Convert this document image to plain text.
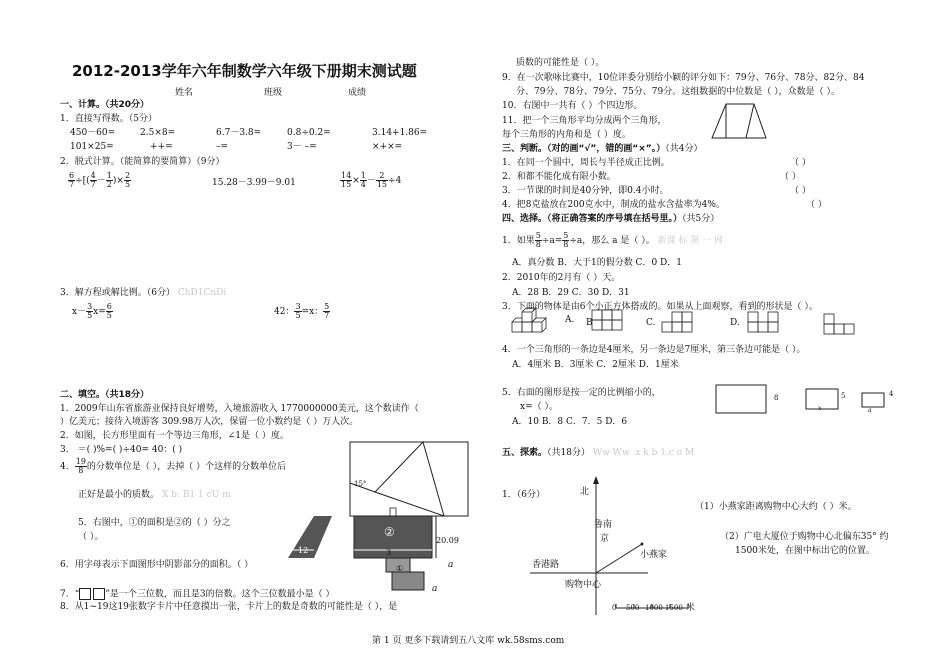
2012-2013学年六年制数学六年级下册期末测试题
姓名	班级	成绩
一、计算。（共20分）
1．直接写得数。（5分）
450－60=	2.5×8=	6.7－3.8=	0.8÷0.2=	3.14+1.86=
101×25=	++=	–=	3－ –=	×+×=
2．脱式计算。（能简算的要简算）（9分）
$\frac{6}{7}$ ÷[( $\frac{4}{7} - \frac{1}{2}$ )× $\frac{2}{5}$	15.28－3.99－9.01	$\frac{14}{15} \times \frac{1}{4} - \frac{2}{15} \div 4$
3．解方程或解比例。（6分） ChD1CnDi
$x- \frac{3}{5} x= \frac{6}{5}$	42： $\frac{3}{5} =x$： $\frac{5}{7}$
二、填空。（共18分）
1．2009年山东省旅游业保持良好增势，入境旅游收入 1770000000美元，这个数读作（
）亿美元；接待入境游客 309.98万人次，保留一位小数约是（ ）万人次。
2．如图，长方形里面有一个等边三角形，∠1是（ ）度。
3． ＝( )%=( )÷40= 40：( )
4． $\frac{19}{8}$ 的分数单位是（ ），去掉（ ）个这样的分数单位后
正好是最小的质数。 X b: B1 1 cU m
5．右图中，①的面积是②的（ ）分之
（ ）。
6．用字母表示下面图形中阴影部分的面积。（ ）
7．“	”是一个三位数，而且是3的倍数。这个三位数最小是（ ）
8．从1~19这19张数字卡片中任意摸出一张，卡片上的数是奇数的可能性是（ ），是
15°
12	3
②
①
20.09
a
a
质数的可能性是（ ）。
9．在一次歌咏比赛中，10位评委分别给小颖的评分如下：79分、76分、78分、82分、84
分、79分、78分、79分、75分、79分。这组数据的中位数是（ ），众数是（ ）。
10．右图中一共有（ ）个四边形。
11．把一个三角形平均分成两个三角形，
每个三角形的内角和是（ ）度。
三、判断。（对的画“√”，错的画“×”。）（共4分）
1．在同一个圆中，周长与半径成正比例。	（ ）
2．和都不能化成有限小数。	（ ）
3．一节课的时间是40分钟，即0.4小时。	（ ）
4．把8克盐放在200克水中，制成的盐水含盐率为4%。	（ ）
四、选择。（将正确答案的序号填在括号里。）（共5分）
1．如果 $\frac{5}{8} \div a= \frac{5}{8} \div a$，那么 a 是（ ）。 新课 标 第 一 网
A．真分数 B．大于1的假分数 C．0 D．1
2．2010年的2月有（ ）天。
A．28 B．29 C．30 D．31
3．下面的物体是由6个小正方体搭成的。如果从上面观察，看到的形状是（ ）。
A. B	C.	D.
4．一个三角形的一条边是4厘米，另一条边是7厘米，第三条边可能是（ ）。
A．4厘米 B．3厘米 C．2厘米 D．1厘米
5．右面的图形是按一定的比例缩小的，
x=（ ）。
A．10 B．8 C．7．5 D．6
8	5	4
x	a
五、探索。（共18分） Ww Ww .x k b 1.c o M
1．（6分）	北
鲁南
京
香港路
小燕家
购物中心
0 500 1000 1500 米
（1）小燕家距离购物中心大约（ ）米。
（2）广电大厦位于购物中心北偏东35° 约
1500米处，在图中标出它的位置。
第 1 页 更多下载请到五八文库 wk.58sms.com
